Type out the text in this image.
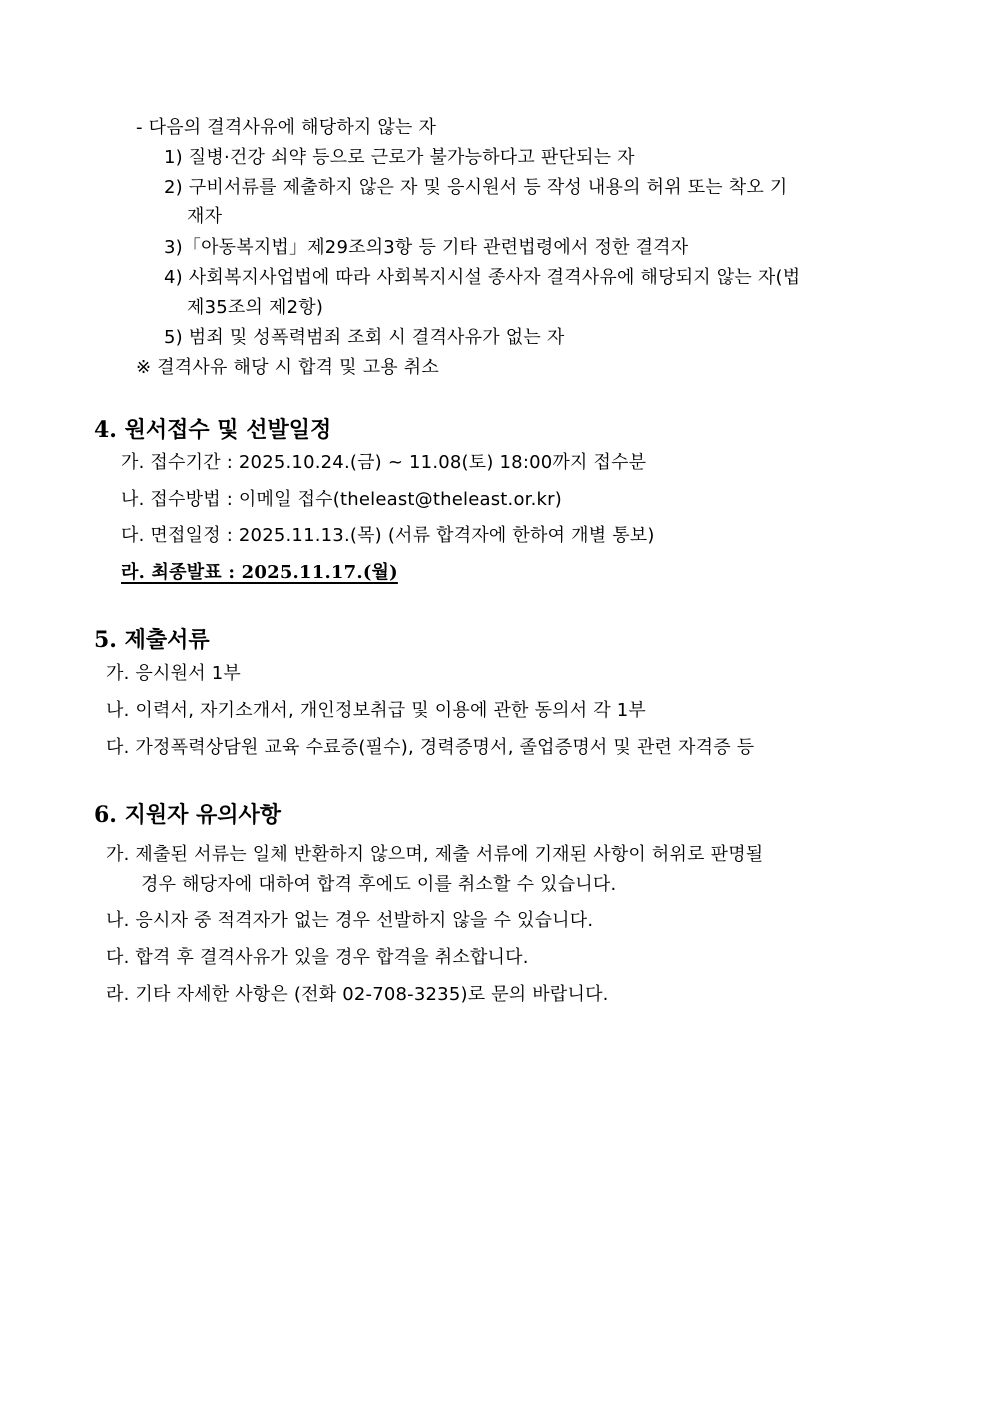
- 다음의 결격사유에 해당하지 않는 자
1) 질병·건강 쇠약 등으로 근로가 불가능하다고 판단되는 자
2) 구비서류를 제출하지 않은 자 및 응시원서 등 작성 내용의 허위 또는 착오 기
재자
3)「아동복지법」제29조의3항 등 기타 관련법령에서 정한 결격자
4) 사회복지사업법에 따라 사회복지시설 종사자 결격사유에 해당되지 않는 자(법
제35조의 제2항)
5) 범죄 및 성폭력범죄 조회 시 결격사유가 없는 자
※ 결격사유 해당 시 합격 및 고용 취소
4. 원서접수 및 선발일정
가. 접수기간 : 2025.10.24.(금) ~ 11.08(토) 18:00까지 접수분
나. 접수방법 : 이메일 접수(theleast@theleast.or.kr)
다. 면접일정 : 2025.11.13.(목) (서류 합격자에 한하여 개별 통보)
라. 최종발표 : 2025.11.17.(월)
5. 제출서류
가. 응시원서 1부
나. 이력서, 자기소개서, 개인정보취급 및 이용에 관한 동의서 각 1부
다. 가정폭력상담원 교육 수료증(필수), 경력증명서, 졸업증명서 및 관련 자격증 등
6. 지원자 유의사항
가. 제출된 서류는 일체 반환하지 않으며, 제출 서류에 기재된 사항이 허위로 판명될
경우 해당자에 대하여 합격 후에도 이를 취소할 수 있습니다.
나. 응시자 중 적격자가 없는 경우 선발하지 않을 수 있습니다.
다. 합격 후 결격사유가 있을 경우 합격을 취소합니다.
라. 기타 자세한 사항은 (전화 02-708-3235)로 문의 바랍니다.
